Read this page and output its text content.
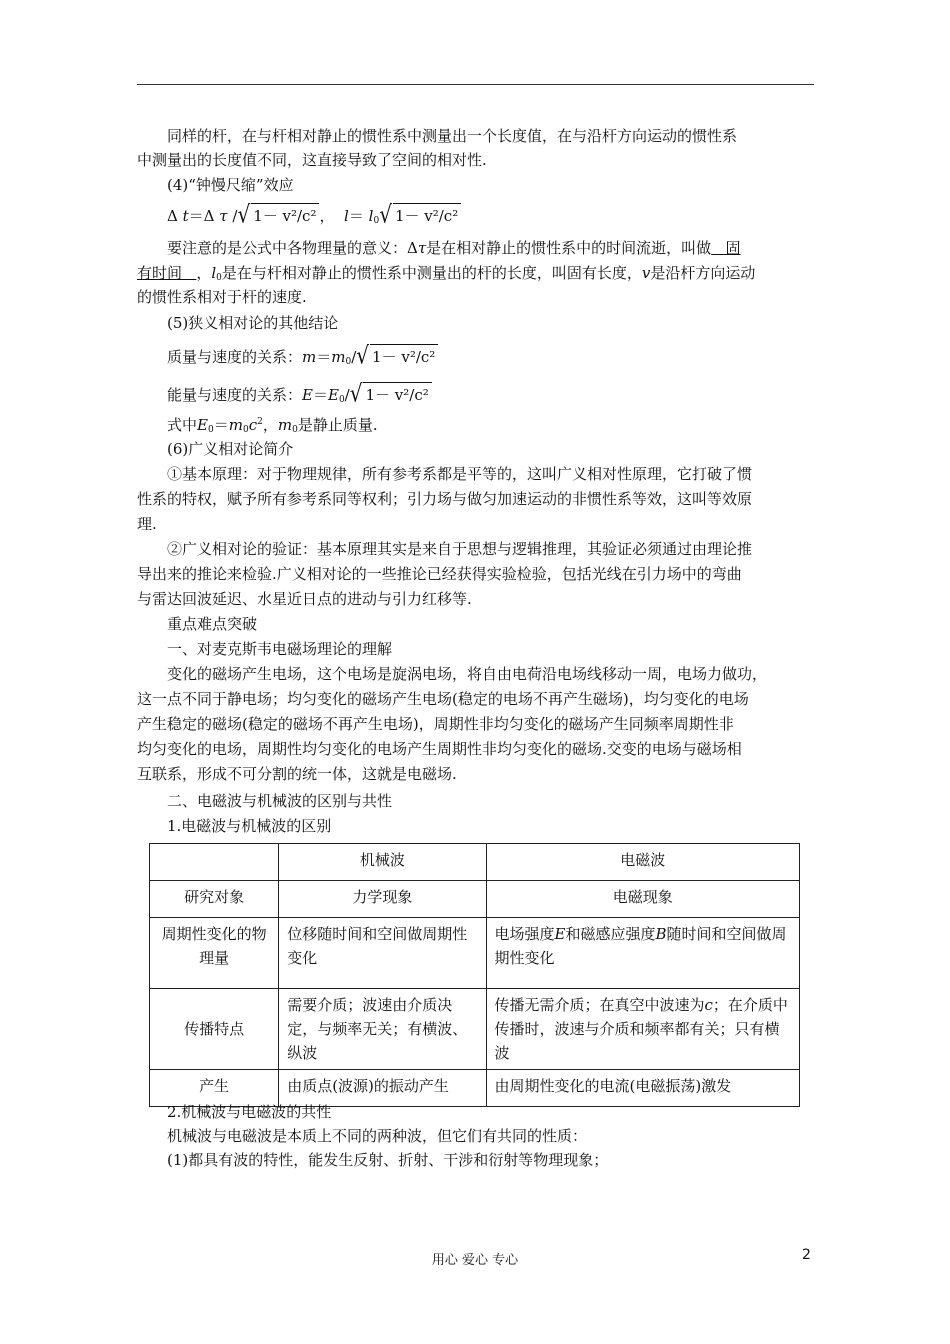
同样的杆，在与杆相对静止的惯性系中测量出一个长度值，在与沿杆方向运动的惯性系
中测量出的长度值不同，这直接导致了空间的相对性.
(4)“钟慢尺缩”效应
Δ t＝Δ τ /√ 1－ v²/c² ， $l= l_0√$ 1－ v²/c²
要注意的是公式中各物理量的意义：Δτ是在相对静止的惯性系中的时间流逝，叫做 固
有时间 ，$l_0$是在与杆相对静止的惯性系中测量出的杆的长度，叫固有长度，v是沿杆方向运动
的惯性系相对于杆的速度.
(5)狭义相对论的其他结论
质量与速度的关系：$m=m_0/√$ 1－ v²/c²
能量与速度的关系：$E=E_0/√$ 1－ v²/c²
式中$E_0=m_0c^2$，$m_0$是静止质量.
(6)广义相对论简介
①基本原理：对于物理规律，所有参考系都是平等的，这叫广义相对性原理，它打破了惯
性系的特权，赋予所有参考系同等权利；引力场与做匀加速运动的非惯性系等效，这叫等效原
理.
②广义相对论的验证：基本原理其实是来自于思想与逻辑推理，其验证必须通过由理论推
导出来的推论来检验.广义相对论的一些推论已经获得实验检验，包括光线在引力场中的弯曲
与雷达回波延迟、水星近日点的进动与引力红移等.
重点难点突破
一、对麦克斯韦电磁场理论的理解
变化的磁场产生电场，这个电场是旋涡电场，将自由电荷沿电场线移动一周，电场力做功，
这一点不同于静电场；均匀变化的磁场产生电场(稳定的电场不再产生磁场)，均匀变化的电场
产生稳定的磁场(稳定的磁场不再产生电场)，周期性非均匀变化的磁场产生同频率周期性非
均匀变化的电场，周期性均匀变化的电场产生周期性非均匀变化的磁场.交变的电场与磁场相
互联系，形成不可分割的统一体，这就是电磁场.
二、电磁波与机械波的区别与共性
1.电磁波与机械波的区别
	机械波	电磁波
研究对象	力学现象	电磁现象
周期性变化的物理量	位移随时间和空间做周期性变化	电场强度E和磁感应强度B随时间和空间做周期性变化
传播特点	需要介质；波速由介质决定，与频率无关；有横波、纵波	传播无需介质；在真空中波速为c；在介质中传播时，波速与介质和频率都有关；只有横波
产生	由质点(波源)的振动产生	由周期性变化的电流(电磁振荡)激发
2.机械波与电磁波的共性
机械波与电磁波是本质上不同的两种波，但它们有共同的性质：
(1)都具有波的特性，能发生反射、折射、干涉和衍射等物理现象；
用心 爱心 专心	2
